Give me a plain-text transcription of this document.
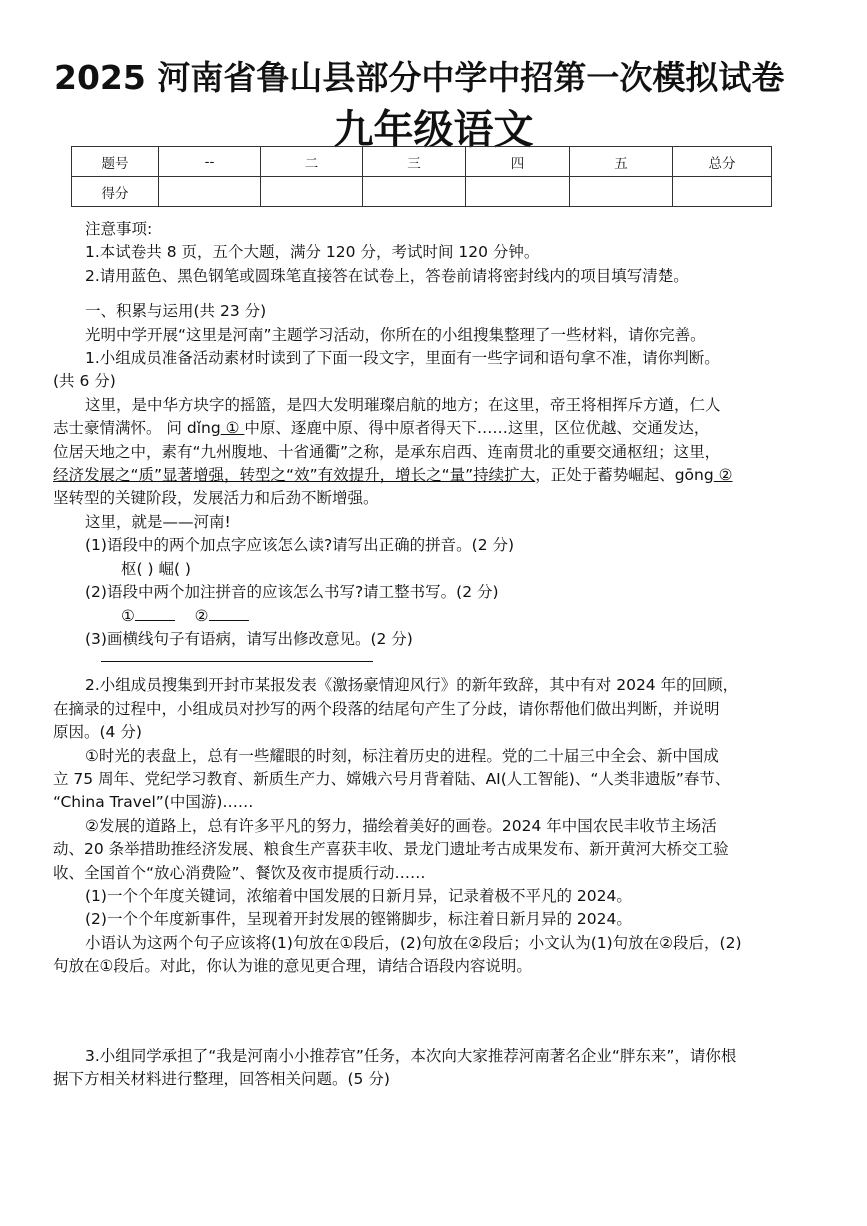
2025 河南省鲁山县部分中学中招第一次模拟试卷
九年级语文
题号	--	二	三	四	五	总分
得分						

注意事项:

1.本试卷共 8 页，五个大题，满分 120 分，考试时间 120 分钟。

2.请用蓝色、黑色钢笔或圆珠笔直接答在试卷上，答卷前请将密封线内的项目填写清楚。

一、积累与运用(共 23 分)

光明中学开展“这里是河南”主题学习活动，你所在的小组搜集整理了一些材料，请你完善。

1.小组成员准备活动素材时读到了下面一段文字，里面有一些字词和语句拿不准，请你判断。

(共 6 分)

这里，是中华方块字的摇篮，是四大发明璀璨启航的地方；在这里，帝王将相挥斥方遒，仁人

志士豪情满怀。 问 dǐng ① 中原、逐鹿中原、得中原者得天下……这里，区位优越、交通发达，

位居天地之中，素有“九州腹地、十省通衢”之称，是承东启西、连南贯北的重要交通枢纽；这里，

经济发展之“质”显著增强，转型之“效”有效提升，增长之“量”持续扩大，正处于蓄势崛起、gōng ②

坚转型的关键阶段，发展活力和后劲不断增强。

这里，就是——河南!

(1)语段中的两个加点字应该怎么读?请写出正确的拼音。(2 分)

枢( ) 崛( )

(2)语段中两个加注拼音的应该怎么书写?请工整书写。(2 分)

①	②

(3)画横线句子有语病，请写出修改意见。(2 分)

2.小组成员搜集到开封市某报发表《激扬豪情迎风行》的新年致辞，其中有对 2024 年的回顾，

在摘录的过程中，小组成员对抄写的两个段落的结尾句产生了分歧，请你帮他们做出判断，并说明

原因。(4 分)

①时光的表盘上，总有一些耀眼的时刻，标注着历史的进程。党的二十届三中全会、新中国成

立 75 周年、党纪学习教育、新质生产力、嫦娥六号月背着陆、AI(人工智能)、“人类非遗版”春节、

“China Travel”(中国游)……

②发展的道路上，总有许多平凡的努力，描绘着美好的画卷。2024 年中国农民丰收节主场活

动、20 条举措助推经济发展、粮食生产喜获丰收、景龙门遗址考古成果发布、新开黄河大桥交工验

收、全国首个“放心消费险”、餐饮及夜市提质行动……

(1)一个个年度关键词，浓缩着中国发展的日新月异，记录着极不平凡的 2024。

(2)一个个年度新事件，呈现着开封发展的铿锵脚步，标注着日新月异的 2024。

小语认为这两个句子应该将(1)句放在①段后，(2)句放在②段后；小文认为(1)句放在②段后，(2)

句放在①段后。对此，你认为谁的意见更合理，请结合语段内容说明。

3.小组同学承担了“我是河南小小推荐官”任务，本次向大家推荐河南著名企业“胖东来”，请你根

据下方相关材料进行整理，回答相关问题。(5 分)
